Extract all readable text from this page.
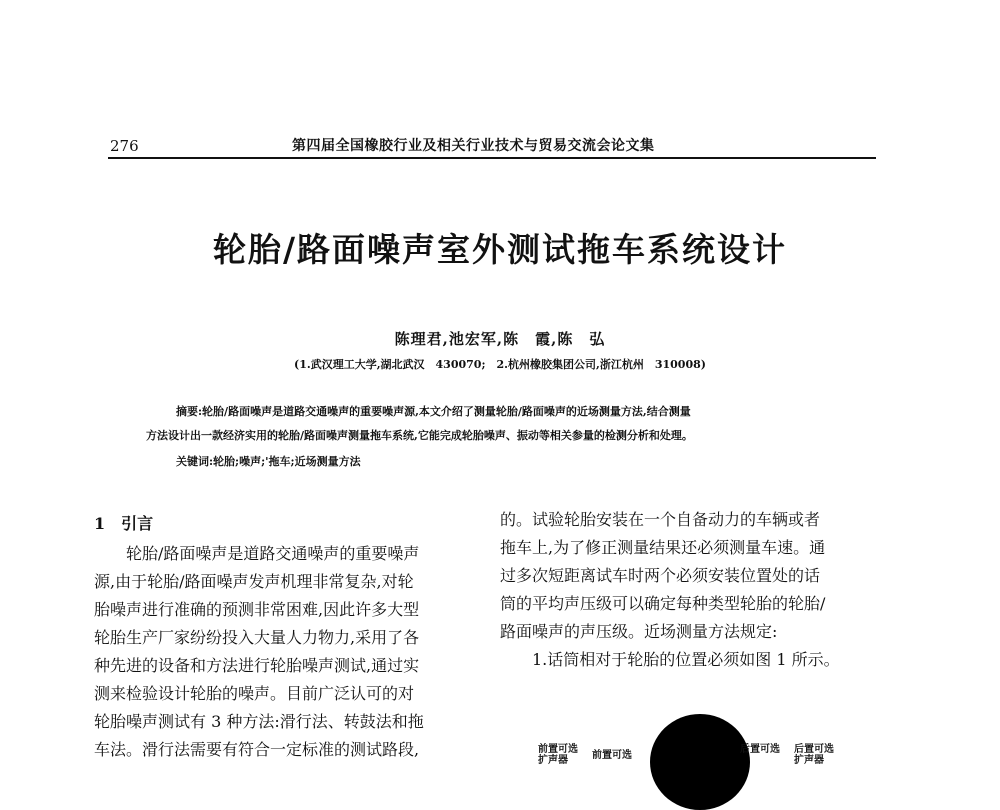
276	第四届全国橡胶行业及相关行业技术与贸易交流会论文集
轮胎/路面噪声室外测试拖车系统设计
陈理君,池宏军,陈　霞,陈　弘
(1.武汉理工大学,湖北武汉　430070;　2.杭州橡胶集团公司,浙江杭州　310008)
摘要:轮胎/路面噪声是道路交通噪声的重要噪声源,本文介绍了测量轮胎/路面噪声的近场测量方法,结合测量
方法设计出一款经济实用的轮胎/路面噪声测量拖车系统,它能完成轮胎噪声、振动等相关参量的检测分析和处理。
关键词:轮胎;噪声;'拖车;近场测量方法
1　引言

轮胎/路面噪声是道路交通噪声的重要噪声

源,由于轮胎/路面噪声发声机理非常复杂,对轮

胎噪声进行准确的预测非常困难,因此许多大型

轮胎生产厂家纷纷投入大量人力物力,采用了各

种先进的设备和方法进行轮胎噪声测试,通过实

测来检验设计轮胎的噪声。目前广泛认可的对

轮胎噪声测试有 3 种方法:滑行法、转鼓法和拖

车法。滑行法需要有符合一定标准的测试路段,

的。试验轮胎安装在一个自备动力的车辆或者

拖车上,为了修正测量结果还必须测量车速。通

过多次短距离试车时两个必须安装位置处的话

筒的平均声压级可以确定每种类型轮胎的轮胎/

路面噪声的声压级。近场测量方法规定:

1.话筒相对于轮胎的位置必须如图 1 所示。

前置可选
扩声器	前置可选
后置可选 后置可选
扩声器
